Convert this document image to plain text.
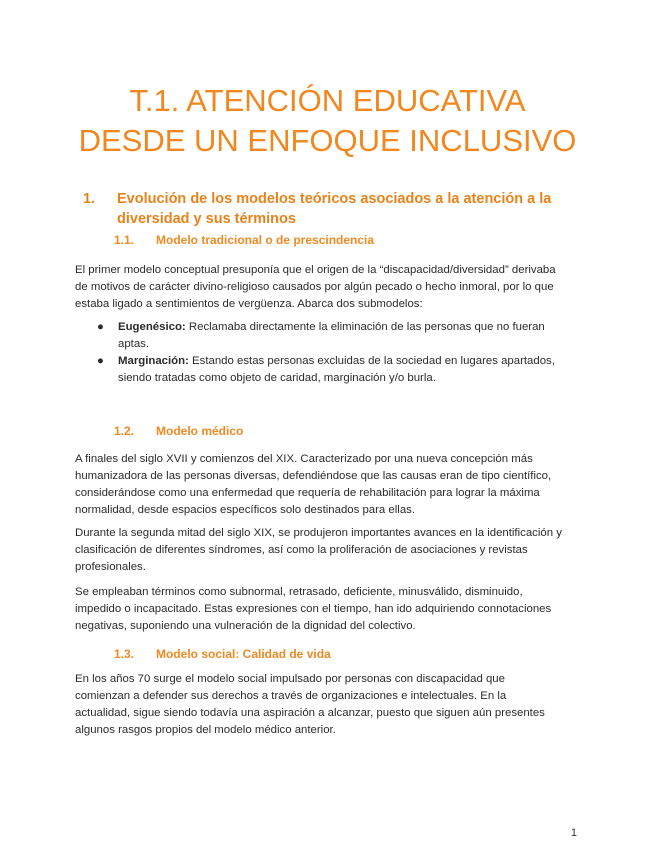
T.1. ATENCIÓN EDUCATIVA
DESDE UN ENFOQUE INCLUSIVO
1. Evolución de los modelos teóricos asociados a la atención a la
diversidad y sus términos
1.1. Modelo tradicional o de prescindencia
El primer modelo conceptual presuponía que el origen de la “discapacidad/diversidad” derivaba
de motivos de carácter divino-religioso causados por algún pecado o hecho inmoral, por lo que
estaba ligado a sentimientos de vergüenza. Abarca dos submodelos:
● Eugenésico: Reclamaba directamente la eliminación de las personas que no fueran
aptas.
● Marginación: Estando estas personas excluidas de la sociedad en lugares apartados,
siendo tratadas como objeto de caridad, marginación y/o burla.
1.2. Modelo médico
A finales del siglo XVII y comienzos del XIX. Caracterizado por una nueva concepción más
humanizadora de las personas diversas, defendiéndose que las causas eran de tipo científico,
considerándose como una enfermedad que requería de rehabilitación para lograr la máxima
normalidad, desde espacios específicos solo destinados para ellas.
Durante la segunda mitad del siglo XIX, se produjeron importantes avances en la identificación y
clasificación de diferentes síndromes, así como la proliferación de asociaciones y revistas
profesionales.
Se empleaban términos como subnormal, retrasado, deficiente, minusválido, disminuido,
impedido o incapacitado. Estas expresiones con el tiempo, han ido adquiriendo connotaciones
negativas, suponiendo una vulneración de la dignidad del colectivo.
1.3. Modelo social: Calidad de vida
En los años 70 surge el modelo social impulsado por personas con discapacidad que
comienzan a defender sus derechos a través de organizaciones e intelectuales. En la
actualidad, sigue siendo todavía una aspiración a alcanzar, puesto que siguen aún presentes
algunos rasgos propios del modelo médico anterior.
1
